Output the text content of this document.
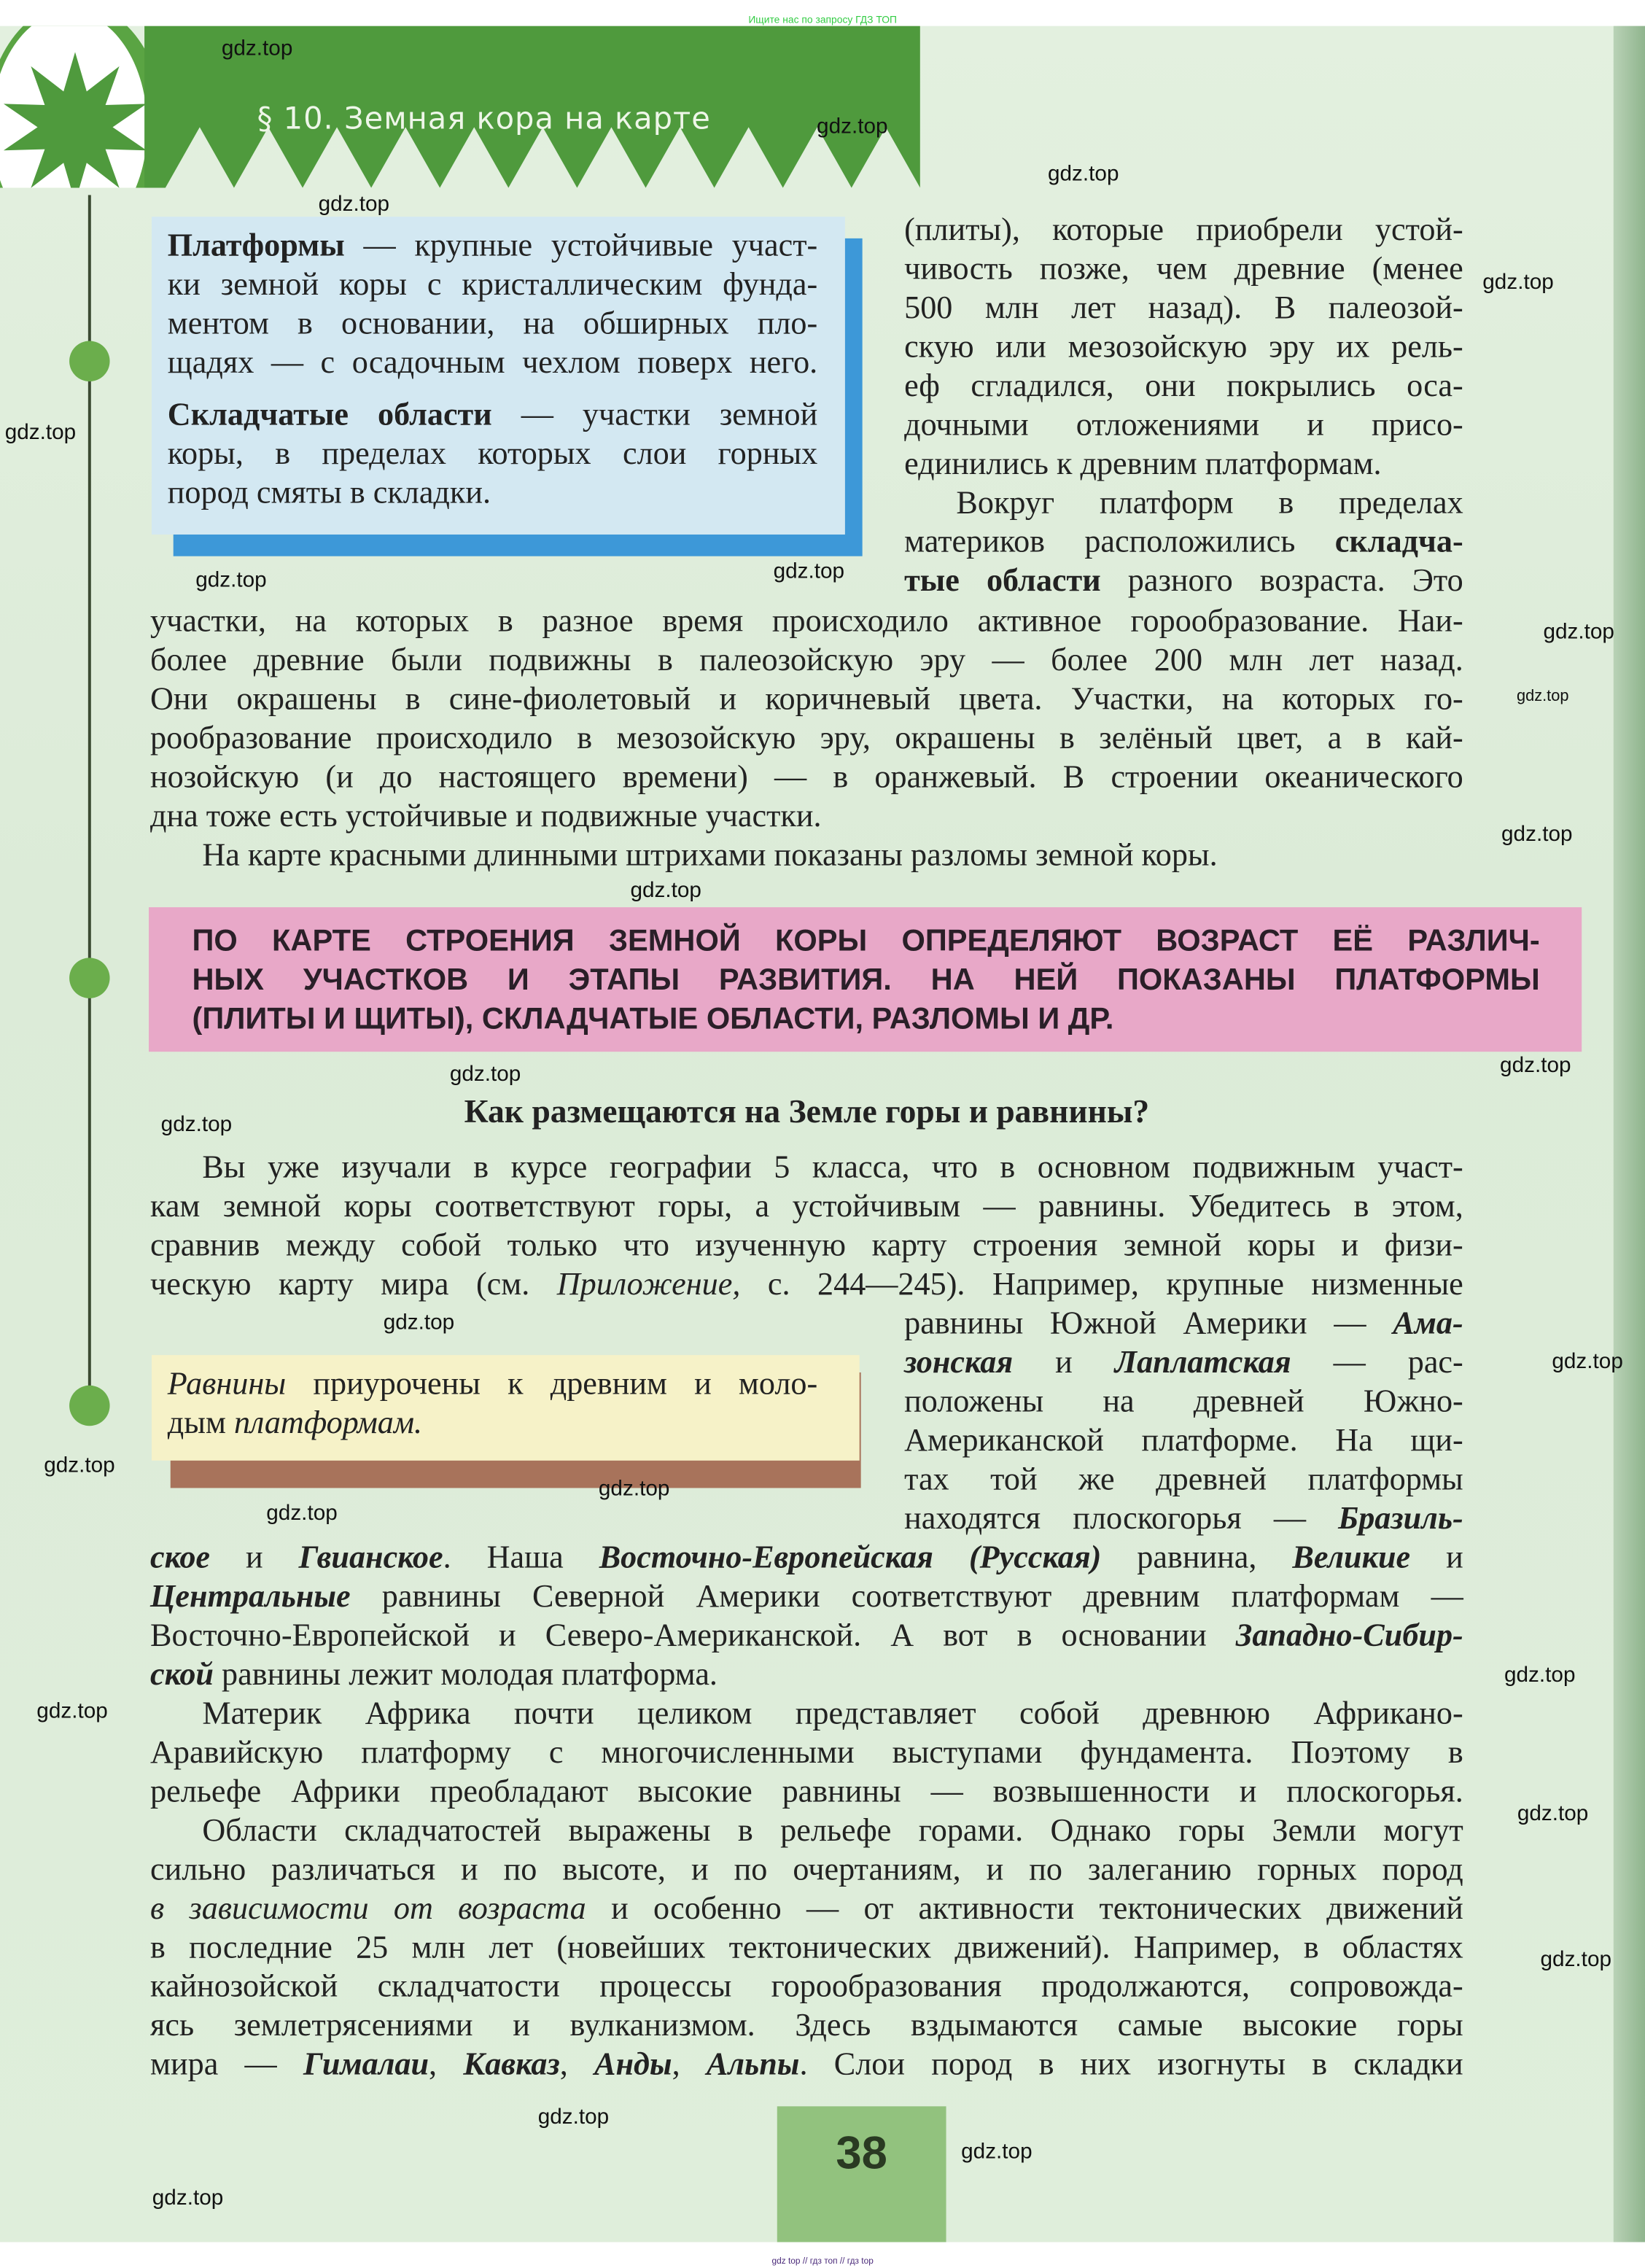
Ищите нас по запросу ГДЗ ТОП
§ 10. Земная кора на карте
Платформы — крупные устойчивые участ-
ки земной коры с кристаллическим фунда-
ментом в основании, на обширных пло-
щадях — с осадочным чехлом поверх него.
Складчатые области — участки земной
коры, в пределах которых слои горных
пород смяты в складки.
(плиты), которые приобрели устой-
чивость позже, чем древние (менее
500 млн лет назад). В палеозой-
скую или мезозойскую эру их рель-
еф сгладился, они покрылись оса-
дочными отложениями и присо-
единились к древним платформам.
Вокруг платформ в пределах
материков расположились складча-
тые области разного возраста. Это
участки, на которых в разное время происходило активное горообразование. Наи-
более древние были подвижны в палеозойскую эру — более 200 млн лет назад.
Они окрашены в сине-фиолетовый и коричневый цвета. Участки, на которых го-
рообразование происходило в мезозойскую эру, окрашены в зелёный цвет, а в кай-
нозойскую (и до настоящего времени) — в оранжевый. В строении океанического
дна тоже есть устойчивые и подвижные участки.
На карте красными длинными штрихами показаны разломы земной коры.
ПО КАРТЕ СТРОЕНИЯ ЗЕМНОЙ КОРЫ ОПРЕДЕЛЯЮТ ВОЗРАСТ ЕЁ РАЗЛИЧ-
НЫХ УЧАСТКОВ И ЭТАПЫ РАЗВИТИЯ. НА НЕЙ ПОКАЗАНЫ ПЛАТФОРМЫ
(ПЛИТЫ И ЩИТЫ), СКЛАДЧАТЫЕ ОБЛАСТИ, РАЗЛОМЫ И ДР.
Как размещаются на Земле горы и равнины?
Вы уже изучали в курсе географии 5 класса, что в основном подвижным участ-
кам земной коры соответствуют горы, а устойчивым — равнины. Убедитесь в этом,
сравнив между собой только что изученную карту строения земной коры и физи-
ческую карту мира (см. Приложение, с. 244—245). Например, крупные низменные
равнины Южной Америки — Ама-
зонская и Лаплатская — рас-
положены на древней Южно-
Американской платформе. На щи-
тах той же древней платформы
находятся плоскогорья — Бразиль-
Равнины приурочены к древним и моло-
дым платформам.
ское и Гвианское. Наша Восточно-Европейская (Русская) равнина, Великие и
Центральные равнины Северной Америки соответствуют древним платформам —
Восточно-Европейской и Северо-Американской. А вот в основании Западно-Сибир-
ской равнины лежит молодая платформа.
Материк Африка почти целиком представляет собой древнюю Африкано-
Аравийскую платформу с многочисленными выступами фундамента. Поэтому в
рельефе Африки преобладают высокие равнины — возвышенности и плоскогорья.
Области складчатостей выражены в рельефе горами. Однако горы Земли могут
сильно различаться и по высоте, и по очертаниям, и по залеганию горных пород
в зависимости от возраста и особенно — от активности тектонических движений
в последние 25 млн лет (новейших тектонических движений). Например, в областях
кайнозойской складчатости процессы горообразования продолжаются, сопровожда-
ясь землетрясениями и вулканизмом. Здесь вздымаются самые высокие горы
мира — Гималаи, Кавказ, Анды, Альпы. Слои пород в них изогнуты в складки
38
gdz.top
gdz.top
gdz.top
gdz.top
gdz.top
gdz.top
gdz.top
gdz.top
gdz.top
gdz.top
gdz.top
gdz.top
gdz.top
gdz.top
gdz.top
gdz.top
gdz.top
gdz.top
gdz.top
gdz.top
gdz.top
gdz.top
gdz.top
gdz.top
gdz.top
gdz.top
gdz.top
gdz top // гдз топ // гдз top
